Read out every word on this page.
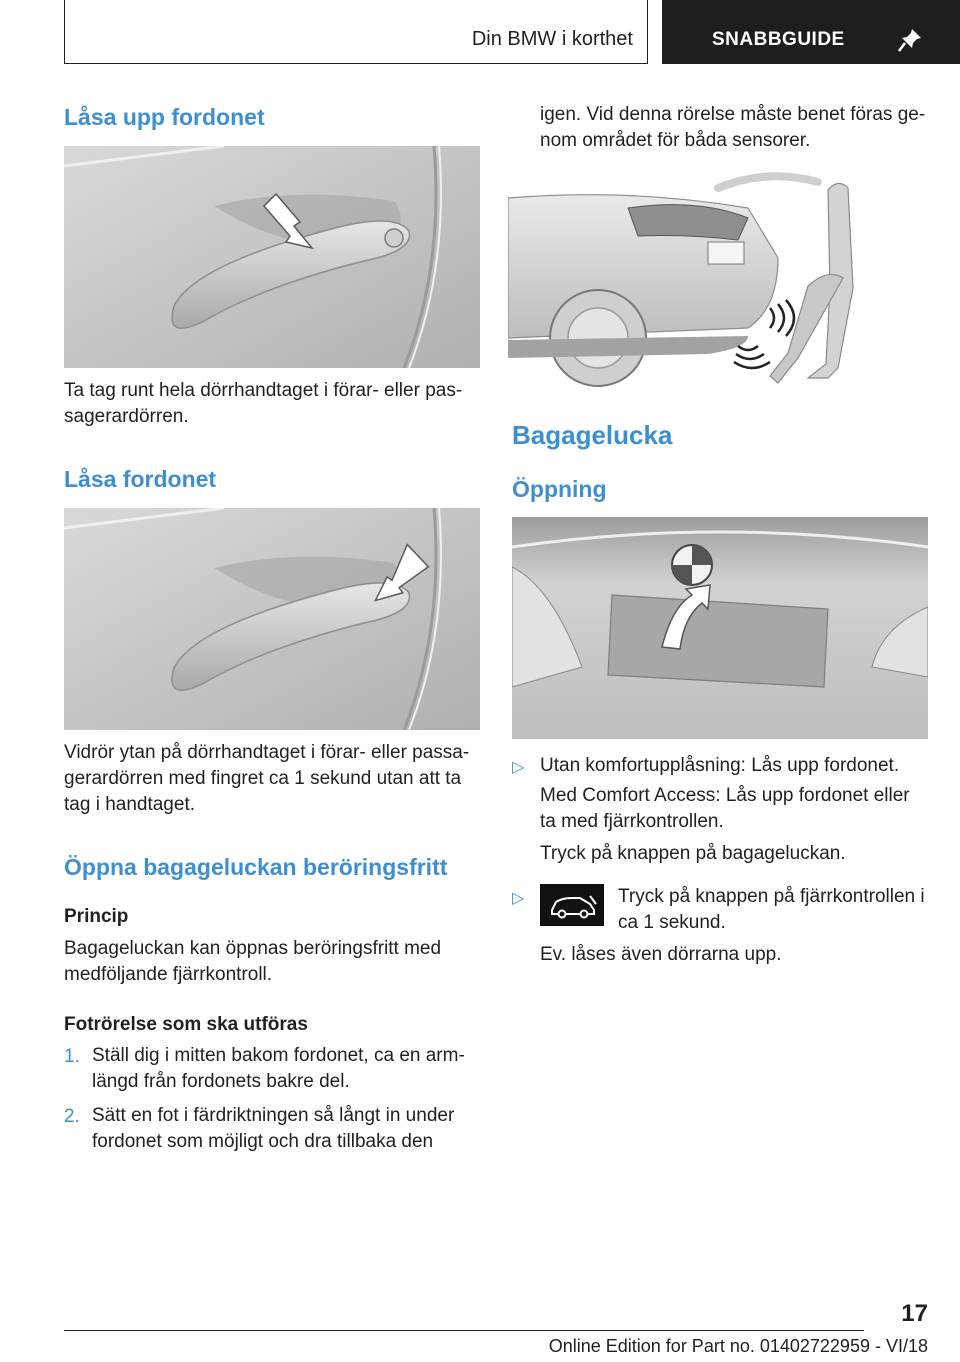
Din BMW i korthet	SNABBGUIDE
Låsa upp fordonet

Ta tag runt hela dörrhandtaget i förar- eller pas-

sagerardörren.

Låsa fordonet

Vidrör ytan på dörrhandtaget i förar- eller passa-

gerardörren med fingret ca 1 sekund utan att ta

tag i handtaget.

Öppna bagageluckan beröringsfritt
Princip

Bagageluckan kan öppnas beröringsfritt med

medföljande fjärrkontroll.

Fotrörelse som ska utföras
1. Ställ dig i mitten bakom fordonet, ca en arm-

längd från fordonets bakre del.

2. Sätt en fot i färdriktningen så långt in under

fordonet som möjligt och dra tillbaka den

igen. Vid denna rörelse måste benet föras ge-

nom området för båda sensorer.

Bagagelucka
Öppning
▷ Utan komfortupplåsning: Lås upp fordonet.

Med Comfort Access: Lås upp fordonet eller

ta med fjärrkontrollen.

Tryck på knappen på bagageluckan.

▷	Tryck på knappen på fjärrkontrollen i

ca 1 sekund.

Ev. låses även dörrarna upp.

17
Online Edition for Part no. 01402722959 - VI/18
